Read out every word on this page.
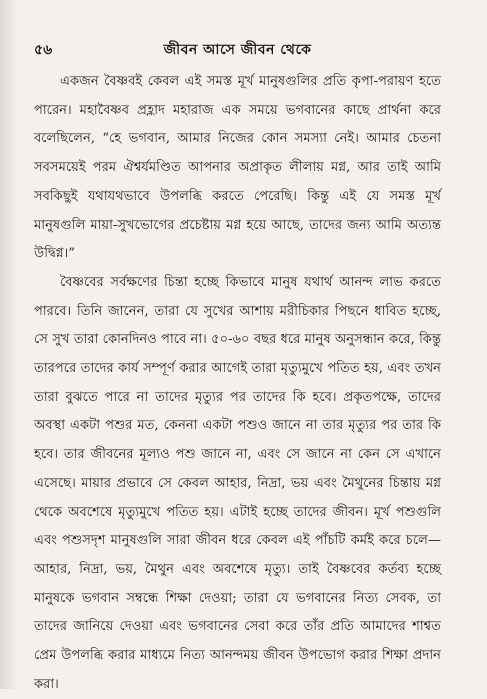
৫৬	জীবন আসে জীবন থেকে

একজন বৈষ্ণবই কেবল এই সমস্ত মূর্খ মানুষগুলির প্রতি কৃপা-পরায়ণ হতে পারেন। মহাবৈষ্ণব প্রহ্লাদ মহারাজ এক সময়ে ভগবানের কাছে প্রার্থনা করে বলেছিলেন, “হে ভগবান, আমার নিজের কোন সমস্যা নেই। আমার চেতনা সবসময়েই পরম ঐশ্বর্যমণ্ডিত আপনার অপ্রাকৃত লীলায় মগ্ন, আর তাই আমি সবকিছুই যথাযথভাবে উপলব্ধি করতে পেরেছি। কিন্তু এই যে সমস্ত মূর্খ মানুষগুলি মায়া-সুখভোগের প্রচেষ্টায় মগ্ন হয়ে আছে, তাদের জন্য আমি অত্যন্ত উদ্বিগ্ন।”

বৈষ্ণবের সর্বক্ষণের চিন্তা হচ্ছে কিভাবে মানুষ যথার্থ আনন্দ লাভ করতে পারবে। তিনি জানেন, তারা যে সুখের আশায় মরীচিকার পিছনে ধাবিত হচ্ছে, সে সুখ তারা কোনদিনও পাবে না। ৫০-৬০ বছর ধরে মানুষ অনুসন্ধান করে, কিন্তু তারপরে তাদের কার্য সম্পূর্ণ করার আগেই তারা মৃত্যুমুখে পতিত হয়, এবং তখন তারা বুঝতে পারে না তাদের মৃত্যুর পর তাদের কি হবে। প্রকৃতপক্ষে, তাদের অবস্থা একটা পশুর মত, কেননা একটা পশুও জানে না তার মৃত্যুর পর তার কি হবে। তার জীবনের মূল্যও পশু জানে না, এবং সে জানে না কেন সে এখানে এসেছে। মায়ার প্রভাবে সে কেবল আহার, নিদ্রা, ভয় এবং মৈথুনের চিন্তায় মগ্ন থেকে অবশেষে মৃত্যুমুখে পতিত হয়। এটাই হচ্ছে তাদের জীবন। মূর্খ পশুগুলি এবং পশুসদৃশ মানুষগুলি সারা জীবন ধরে কেবল এই পাঁচটি কর্মই করে চলে— আহার, নিদ্রা, ভয়, মৈথুন এবং অবশেষে মৃত্যু। তাই বৈষ্ণবের কর্তব্য হচ্ছে মানুষকে ভগবান সম্বন্ধে শিক্ষা দেওয়া; তারা যে ভগবানের নিত্য সেবক, তা তাদের জানিয়ে দেওয়া এবং ভগবানের সেবা করে তাঁর প্রতি আমাদের শাশ্বত প্রেম উপলব্ধি করার মাধ্যমে নিত্য আনন্দময় জীবন উপভোগ করার শিক্ষা প্রদান করা।
